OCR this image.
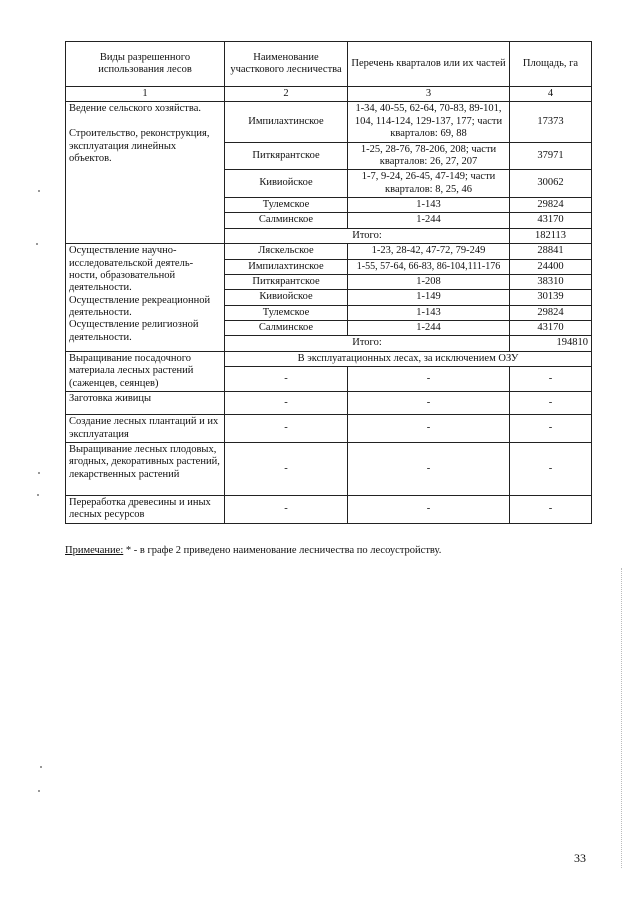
Виды разрешенного использования лесов	Наименование участкового лесничества	Перечень кварталов или их частей	Площадь, га
1	2	3	4
Ведение сельского хозяйства.

Строительство, реконструкция, эксплуатация линейных объектов.	Импилахтинское	1-34, 40-55, 62-64, 70-83, 89-101, 104, 114-124, 129-137, 177; части кварталов: 69, 88	17373
	Питкярантское	1-25, 28-76, 78-206, 208; части кварталов: 26, 27, 207	37971
	Кивиойское	1-7, 9-24, 26-45, 47-149; части кварталов: 8, 25, 46	30062
	Тулемское	1-143	29824
	Салминское	1-244	43170
	Итого:		182113
Осуществление научно-исследовательской деятель-ности, образовательной деятельности.
Осуществление рекреационной деятельности.
Осуществление религиозной деятельности.	Ляскельское	1-23, 28-42, 47-72, 79-249	28841
	Импилахтинское	1-55, 57-64, 66-83, 86-104,111-176	24400
	Питкярантское	1-208	38310
	Кивиойское	1-149	30139
	Тулемское	1-143	29824
	Салминское	1-244	43170
	Итого:		194810
Выращивание посадочного материала лесных растений (саженцев, сеянцев)	В эксплуатационных лесах, за исключением ОЗУ		
	-	-	-
Заготовка живицы	-	-	-
Создание лесных плантаций и их эксплуатация	-	-	-
Выращивание лесных плодовых, ягодных, декоративных растений, лекарственных растений	-	-	-
Переработка древесины и иных лесных ресурсов	-	-	-
Примечание: * - в графе 2 приведено наименование лесничества по лесоустройству.
33
